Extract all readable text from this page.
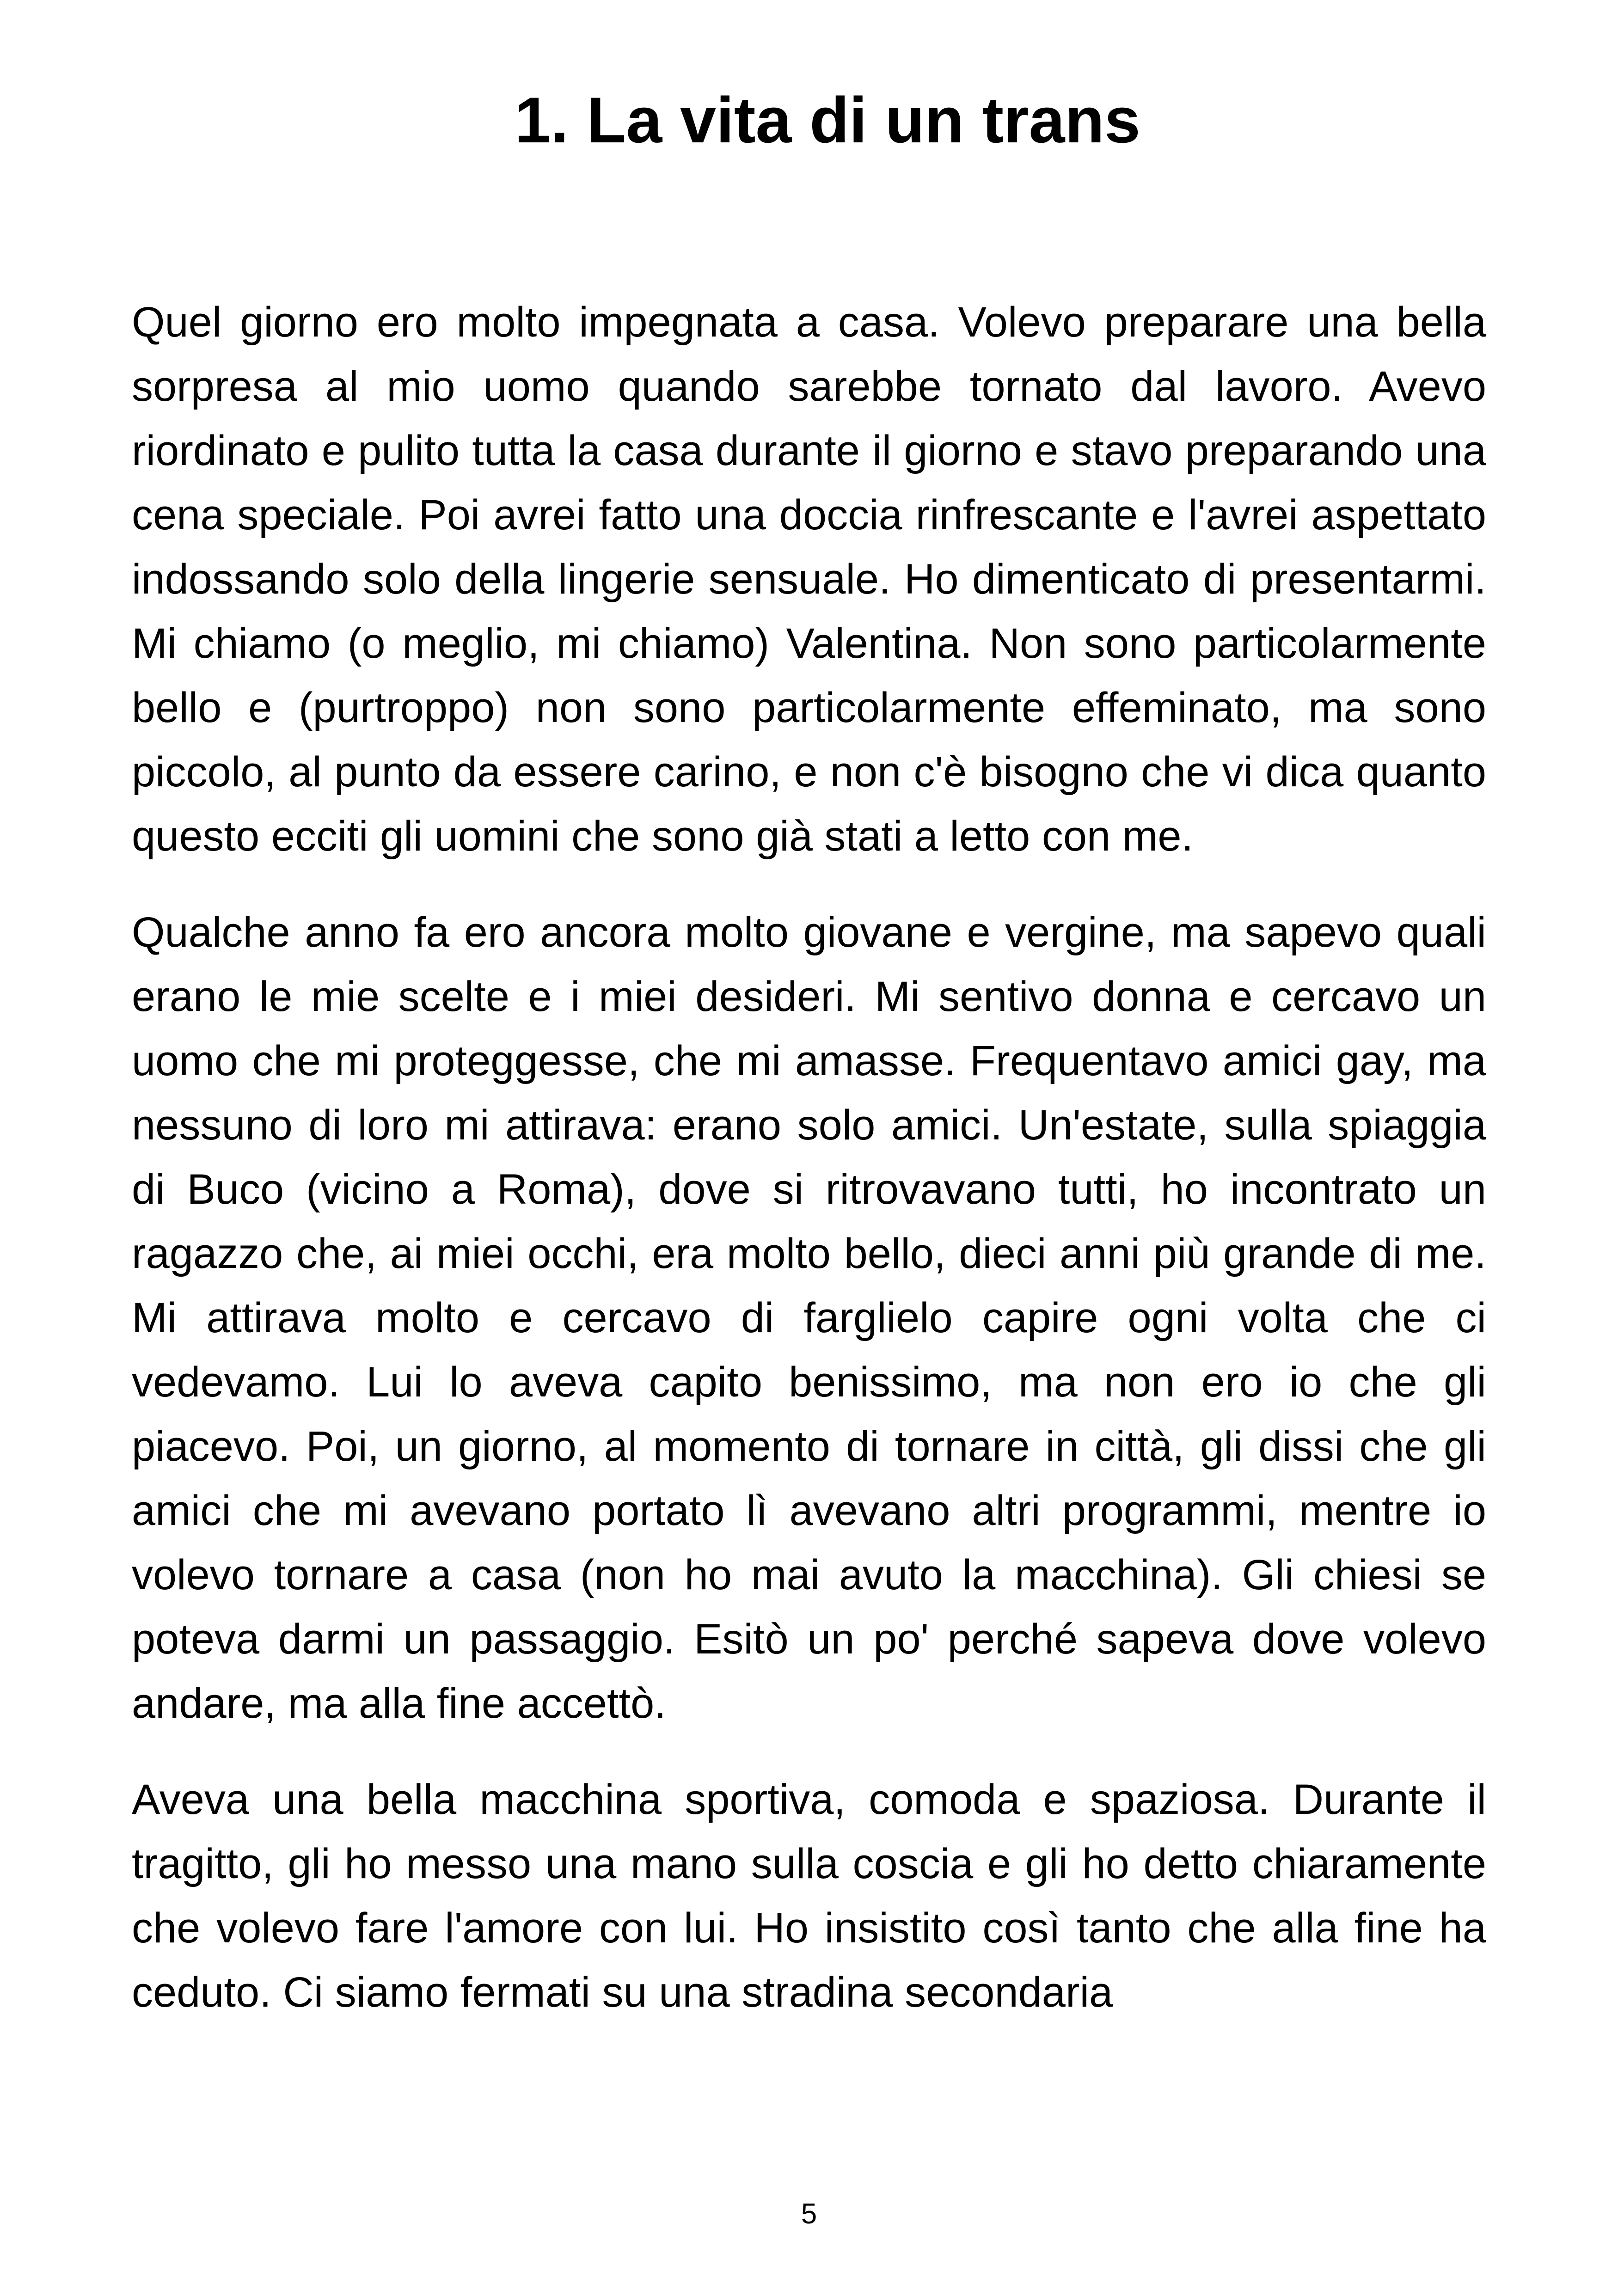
1. La vita di un trans

Quel giorno ero molto impegnata a casa. Volevo preparare una bella sorpresa al mio uomo quando sarebbe tornato dal lavoro. Avevo riordinato e pulito tutta la casa durante il giorno e stavo preparando una cena speciale. Poi avrei fatto una doccia rinfrescante e l'avrei aspettato indossando solo della lingerie sensuale. Ho dimenticato di presentarmi. Mi chiamo (o meglio, mi chiamo) Valentina. Non sono particolarmente bello e (purtroppo) non sono particolarmente effeminato, ma sono piccolo, al punto da essere carino, e non c'è bisogno che vi dica quanto questo ecciti gli uomini che sono già stati a letto con me.

Qualche anno fa ero ancora molto giovane e vergine, ma sapevo quali erano le mie scelte e i miei desideri. Mi sentivo donna e cercavo un uomo che mi proteggesse, che mi amasse. Frequentavo amici gay, ma nessuno di loro mi attirava: erano solo amici. Un'estate, sulla spiaggia di Buco (vicino a Roma), dove si ritrovavano tutti, ho incontrato un ragazzo che, ai miei occhi, era molto bello, dieci anni più grande di me. Mi attirava molto e cercavo di farglielo capire ogni volta che ci vedevamo. Lui lo aveva capito benissimo, ma non ero io che gli piacevo. Poi, un giorno, al momento di tornare in città, gli dissi che gli amici che mi avevano portato lì avevano altri programmi, mentre io volevo tornare a casa (non ho mai avuto la macchina). Gli chiesi se poteva darmi un passaggio. Esitò un po' perché sapeva dove volevo andare, ma alla fine accettò.

Aveva una bella macchina sportiva, comoda e spaziosa. Durante il tragitto, gli ho messo una mano sulla coscia e gli ho detto chiaramente che volevo fare l'amore con lui. Ho insistito così tanto che alla fine ha ceduto. Ci siamo fermati su una stradina secondaria

5
